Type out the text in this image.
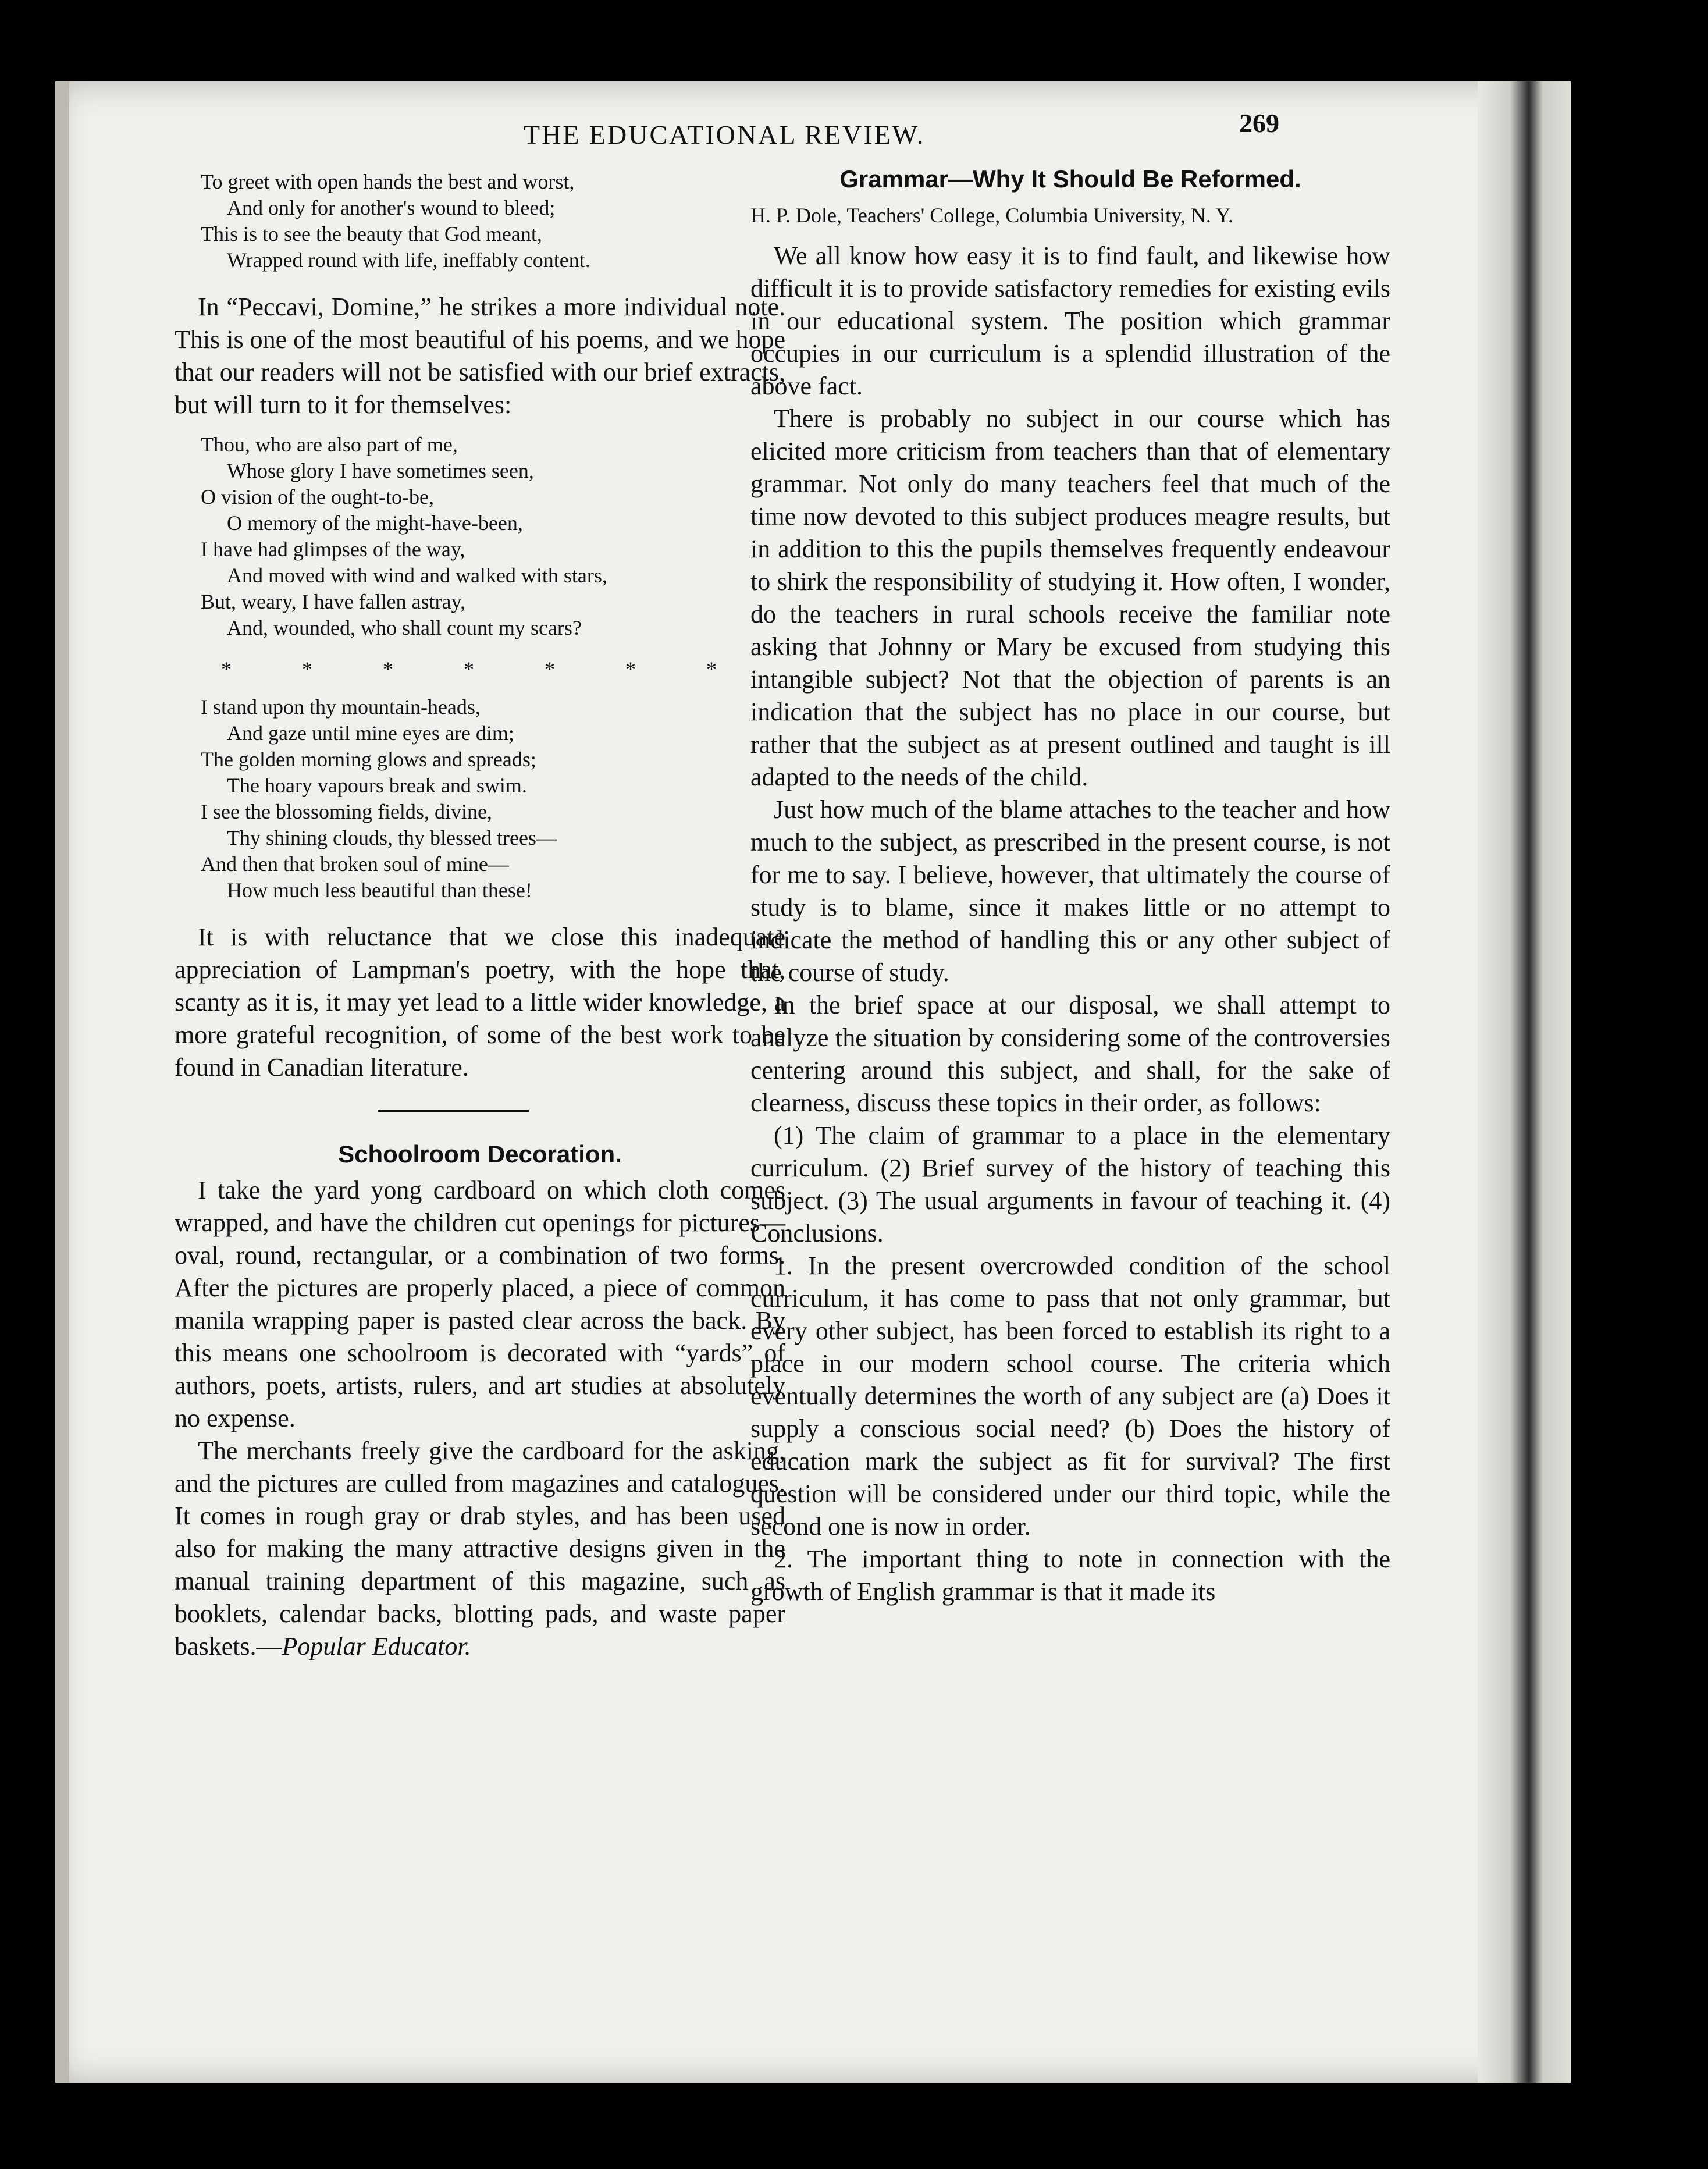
THE EDUCATIONAL REVIEW.	269
To greet with open hands the best and worst,
And only for another's wound to bleed;
This is to see the beauty that God meant,
Wrapped round with life, ineffably content.

In “Peccavi, Domine,” he strikes a more individual note. This is one of the most beautiful of his poems, and we hope that our readers will not be satisfied with our brief extracts, but will turn to it for themselves:

Thou, who are also part of me,
Whose glory I have sometimes seen,
O vision of the ought-to-be,
O memory of the might-have-been,
I have had glimpses of the way,
And moved with wind and walked with stars,
But, weary, I have fallen astray,
And, wounded, who shall count my scars?
* * * * * * *
I stand upon thy mountain-heads,
And gaze until mine eyes are dim;
The golden morning glows and spreads;
The hoary vapours break and swim.
I see the blossoming fields, divine,
Thy shining clouds, thy blessed trees—
And then that broken soul of mine—
How much less beautiful than these!

It is with reluctance that we close this inadequate appreciation of Lampman's poetry, with the hope that, scanty as it is, it may yet lead to a little wider knowledge, a more grateful recognition, of some of the best work to be found in Canadian literature.

Schoolroom Decoration.

I take the yard yong cardboard on which cloth comes wrapped, and have the children cut openings for pictures—oval, round, rectangular, or a combination of two forms. After the pictures are properly placed, a piece of common manila wrapping paper is pasted clear across the back. By this means one schoolroom is decorated with “yards” of authors, poets, artists, rulers, and art studies at absolutely no expense.

The merchants freely give the cardboard for the asking, and the pictures are culled from magazines and catalogues. It comes in rough gray or drab styles, and has been used also for making the many attractive designs given in the manual training department of this magazine, such as booklets, calendar backs, blotting pads, and waste paper baskets.—Popular Educator.

Grammar—Why It Should Be Reformed.
H. P. Dole, Teachers' College, Columbia University, N. Y.

We all know how easy it is to find fault, and likewise how difficult it is to provide satisfactory remedies for existing evils in our educational system. The position which grammar occupies in our curriculum is a splendid illustration of the above fact.

There is probably no subject in our course which has elicited more criticism from teachers than that of elementary grammar. Not only do many teachers feel that much of the time now devoted to this subject produces meagre results, but in addition to this the pupils themselves frequently endeavour to shirk the responsibility of studying it. How often, I wonder, do the teachers in rural schools receive the familiar note asking that Johnny or Mary be excused from studying this intangible subject? Not that the objection of parents is an indication that the subject has no place in our course, but rather that the subject as at present outlined and taught is ill adapted to the needs of the child.

Just how much of the blame attaches to the teacher and how much to the subject, as prescribed in the present course, is not for me to say. I believe, however, that ultimately the course of study is to blame, since it makes little or no attempt to indicate the method of handling this or any other subject of the course of study.

In the brief space at our disposal, we shall attempt to analyze the situation by considering some of the controversies centering around this subject, and shall, for the sake of clearness, discuss these topics in their order, as follows:

(1) The claim of grammar to a place in the elementary curriculum. (2) Brief survey of the history of teaching this subject. (3) The usual arguments in favour of teaching it. (4) Conclusions.

1. In the present overcrowded condition of the school curriculum, it has come to pass that not only grammar, but every other subject, has been forced to establish its right to a place in our modern school course. The criteria which eventually determines the worth of any subject are (a) Does it supply a conscious social need? (b) Does the history of education mark the subject as fit for survival? The first question will be considered under our third topic, while the second one is now in order.

2. The important thing to note in connection with the growth of English grammar is that it made its
